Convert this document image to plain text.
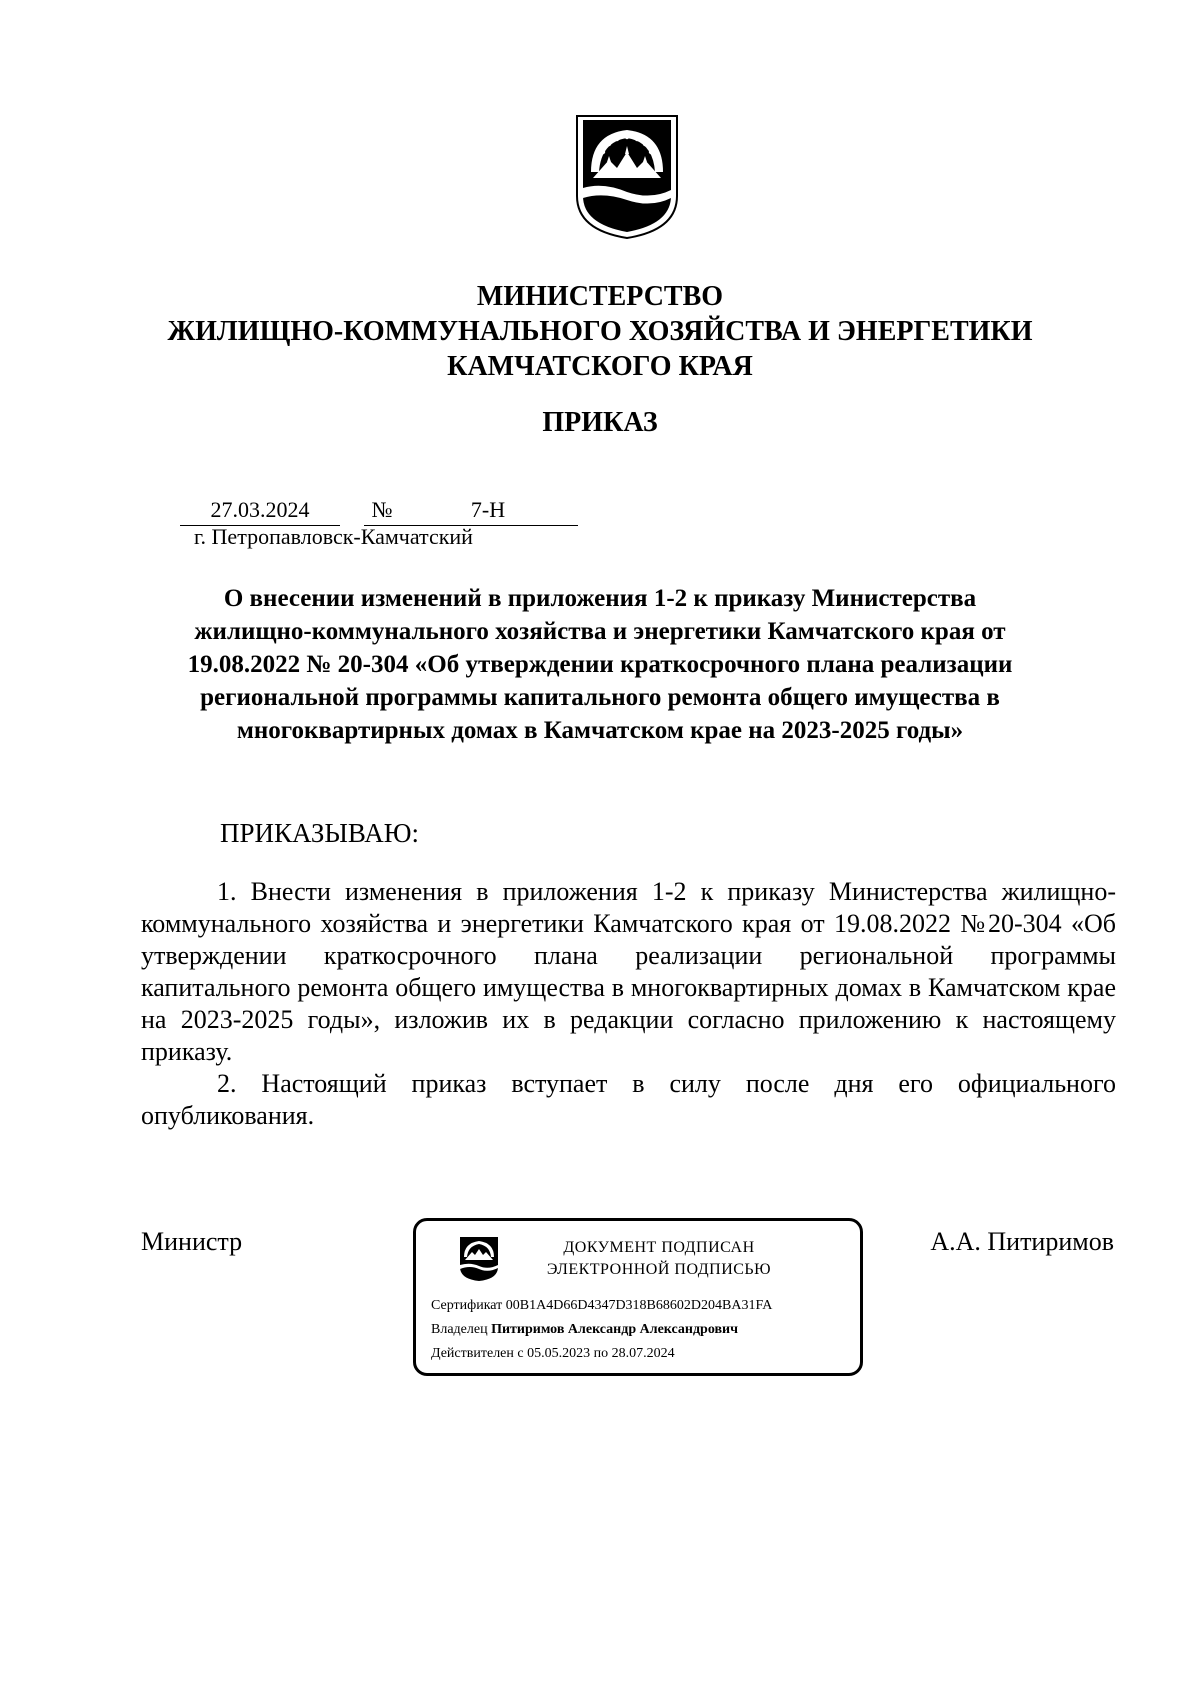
МИНИСТЕРСТВО
ЖИЛИЩНО-КОММУНАЛЬНОГО ХОЗЯЙСТВА И ЭНЕРГЕТИКИ
КАМЧАТСКОГО КРАЯ
ПРИКАЗ
27.03.2024	№	7-Н
г. Петропавловск-Камчатский
О внесении изменений в приложения 1-2 к приказу Министерства
жилищно-коммунального хозяйства и энергетики Камчатского края от
19.08.2022 № 20-304 «Об утверждении краткосрочного плана реализации
региональной программы капитального ремонта общего имущества в
многоквартирных домах в Камчатском крае на 2023-2025 годы»
ПРИКАЗЫВАЮ:
1. Внести изменения в приложения 1-2 к приказу Министерства жилищно-коммунального хозяйства и энергетики Камчатского края от 19.08.2022 №20-304 «Об утверждении краткосрочного плана реализации региональной программы капитального ремонта общего имущества в многоквартирных домах в Камчатском крае на 2023-2025 годы», изложив их в редакции согласно приложению к настоящему приказу.
2. Настоящий приказ вступает в силу после дня его официального опубликования.
Министр	А.А. Питиримов
ДОКУМЕНТ ПОДПИСАН
ЭЛЕКТРОННОЙ ПОДПИСЬЮ
Сертификат 00B1A4D66D4347D318B68602D204BA31FA
Владелец Питиримов Александр Александрович
Действителен с 05.05.2023 по 28.07.2024
